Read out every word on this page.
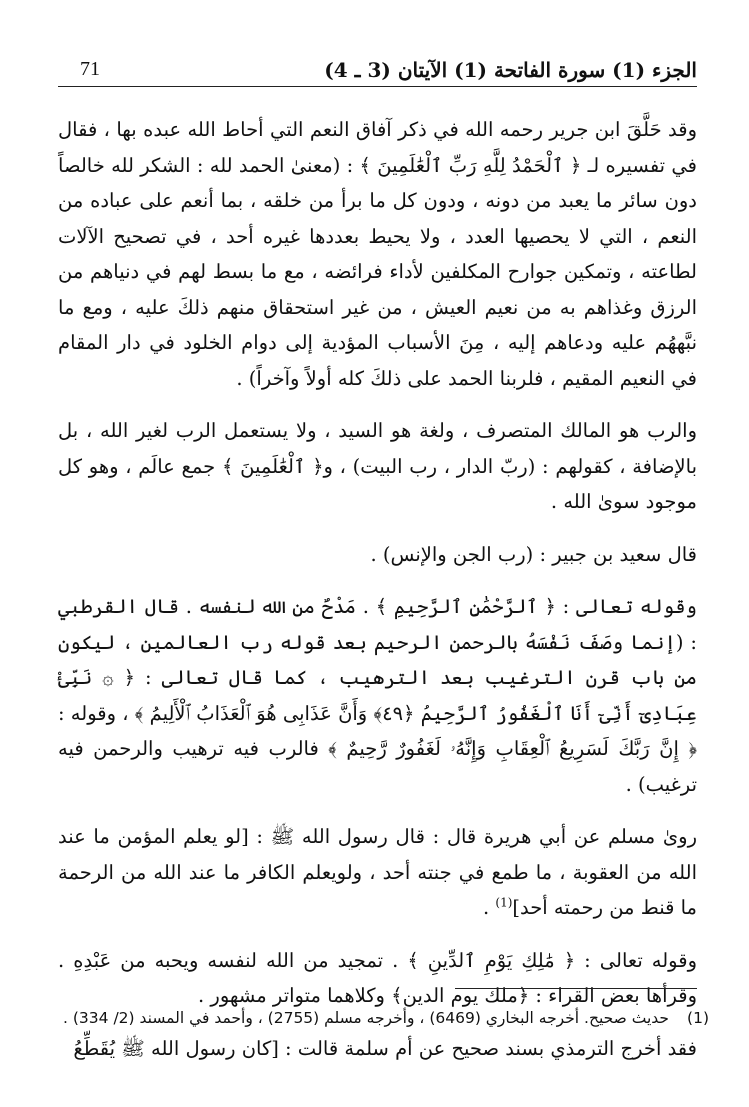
الجزء (1) سورة الفاتحة (1) الآيتان (3 ـ 4)
71

وقد حَلَّقَ ابن جرير رحمه الله في ذكر آفاق النعم التي أحاط الله عبده بها ، فقال في تفسيره لـ ﴿ ٱلْحَمْدُ لِلَّهِ رَبِّ ٱلْعَٰلَمِينَ ﴾ : (معنىٰ الحمد لله : الشكر لله خالصاً دون سائر ما يعبد من دونه ، ودون كل ما برأ من خلقه ، بما أنعم على عباده من النعم ، التي لا يحصيها العدد ، ولا يحيط بعددها غيره أحد ، في تصحيح الآلات لطاعته ، وتمكين جوارح المكلفين لأداء فرائضه ، مع ما بسط لهم في دنياهم من الرزق وغذاهم به من نعيم العيش ، من غير استحقاق منهم ذلكَ عليه ، ومع ما نبَّههُم عليه ودعاهم إليه ، مِنَ الأسباب المؤدية إلى دوام الخلود في دار المقام في النعيم المقيم ، فلربنا الحمد على ذلكَ كله أولاً وآخراً) .

والرب هو المالك المتصرف ، ولغة هو السيد ، ولا يستعمل الرب لغير الله ، بل بالإضافة ، كقولهم : (ربّ الدار ، رب البيت) ، و﴿ ٱلْعَٰلَمِينَ ﴾ جمع عالَم ، وهو كل موجود سوىٰ الله .

قال سعيد بن جبير : (رب الجن والإنس) .

وقوله تعالى : ﴿ ٱلرَّحْمَٰنِ ٱلرَّحِيمِ ﴾ . مَدْحٌ من الله لنفسه . قال القرطبي : (إنما وصَفَ نَفْسَهُ بالرحمن الرحيم بعد قوله رب العالمين ، ليكون من باب قرن الترغيب بعد الترهيب ، كما قال تعالى : ﴿ ۞ نَبِّئْ عِبَادِىٓ أَنِّىٓ أَنَا ٱلْغَفُورُ ٱلرَّحِيمُ ﴿٤٩﴾ وَأَنَّ عَذَابِى هُوَ ٱلْعَذَابُ ٱلْأَلِيمُ ﴾ ، وقوله : ﴿ إِنَّ رَبَّكَ لَسَرِيعُ ٱلْعِقَابِ وَإِنَّهُۥ لَغَفُورٌ رَّحِيمٌ ﴾ فالرب فيه ترهيب والرحمن فيه ترغيب) .

روىٰ مسلم عن أبي هريرة قال : قال رسول الله ﷺ : [لو يعلم المؤمن ما عند الله من العقوبة ، ما طمع في جنته أحد ، ولويعلم الكافر ما عند الله من الرحمة ما قنط من رحمته أحد]$^{(1)}$ .

وقوله تعالى : ﴿ مَٰلِكِ يَوْمِ ٱلدِّينِ ﴾ . تمجيد من الله لنفسه ويحبه من عَبْدِهِ . وقرأها بعض القراء : ﴿ملك يوم الدين﴾ وكلاهما متواتر مشهور .

فقد أخرج الترمذي بسند صحيح عن أم سلمة قالت : [كان رسول الله ﷺ يُقَطِّعُ

(1)حديث صحيح. أخرجه البخاري (6469) ، وأخرجه مسلم (2755) ، وأحمد في المسند (2/ 334) .
